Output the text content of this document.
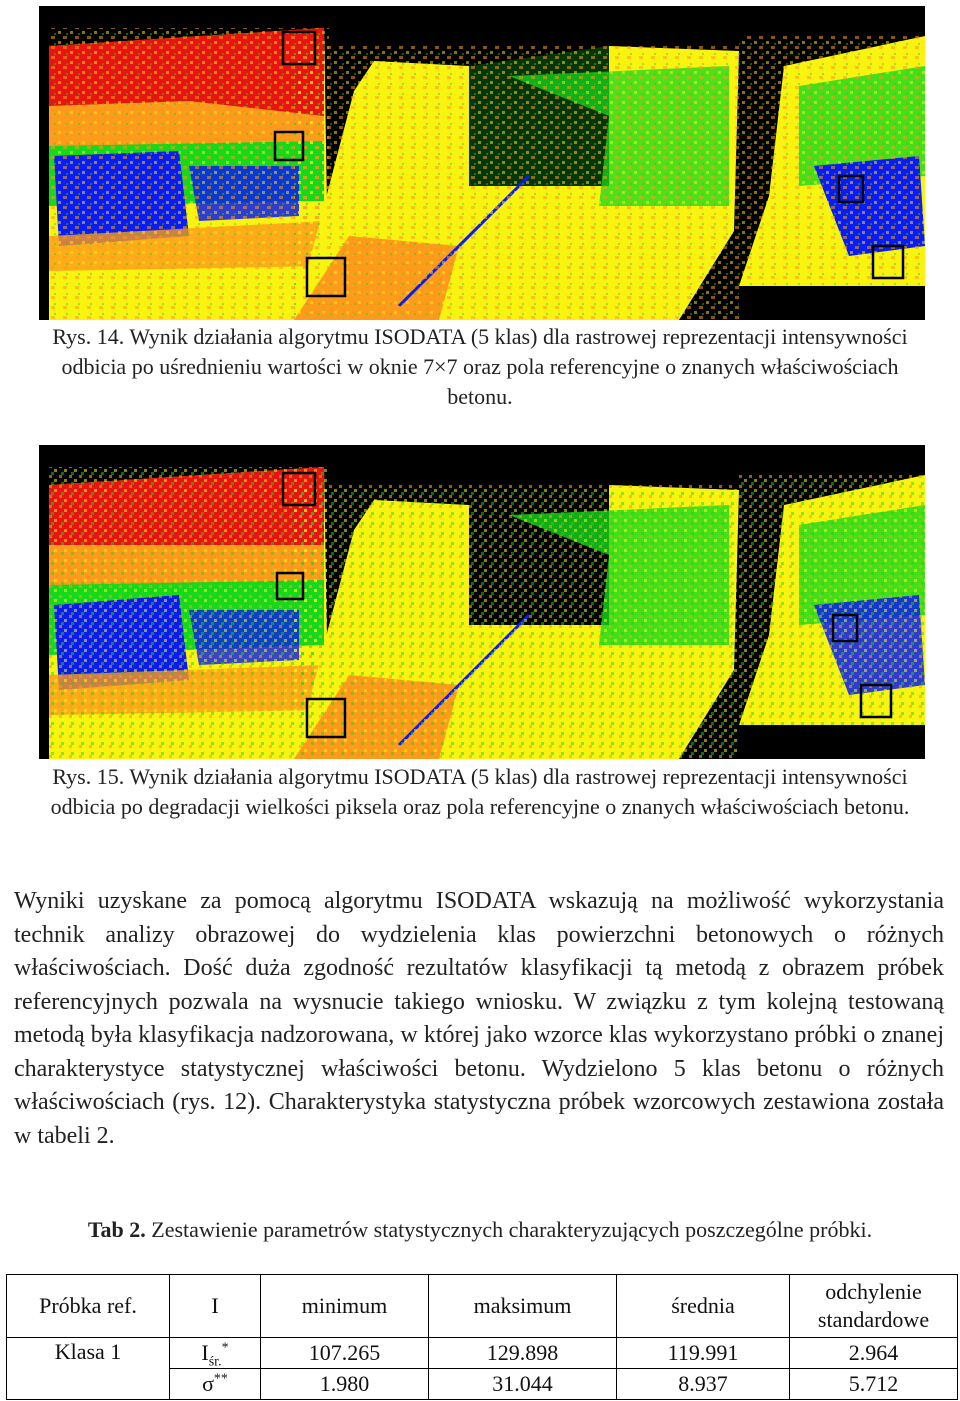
Rys. 14. Wynik działania algorytmu ISODATA (5 klas) dla rastrowej reprezentacji intensywności odbicia po uśrednieniu wartości w oknie 7×7 oraz pola referencyjne o znanych właściwościach betonu.
Rys. 15. Wynik działania algorytmu ISODATA (5 klas) dla rastrowej reprezentacji intensywności odbicia po degradacji wielkości piksela oraz pola referencyjne o znanych właściwościach betonu.

Wyniki uzyskane za pomocą algorytmu ISODATA wskazują na możliwość wykorzystania technik analizy obrazowej do wydzielenia klas powierzchni betonowych o różnych właściwościach. Dość duża zgodność rezultatów klasyfikacji tą metodą z obrazem próbek referencyjnych pozwala na wysnucie takiego wniosku. W związku z tym kolejną testowaną metodą była klasyfikacja nadzorowana, w której jako wzorce klas wykorzystano próbki o znanej charakterystyce statystycznej właściwości betonu. Wydzielono 5 klas betonu o różnych właściwościach (rys. 12). Charakterystyka statystyczna próbek wzorcowych zestawiona została w tabeli 2.

Tab 2. Zestawienie parametrów statystycznych charakteryzujących poszczególne próbki.
Próbka ref.	I	minimum	maksimum	średnia	odchylenie standardowe
Klasa 1	$I_{śr.}^*$	107.265	129.898	119.991	2.964
	σ**	1.980	31.044	8.937	5.712
